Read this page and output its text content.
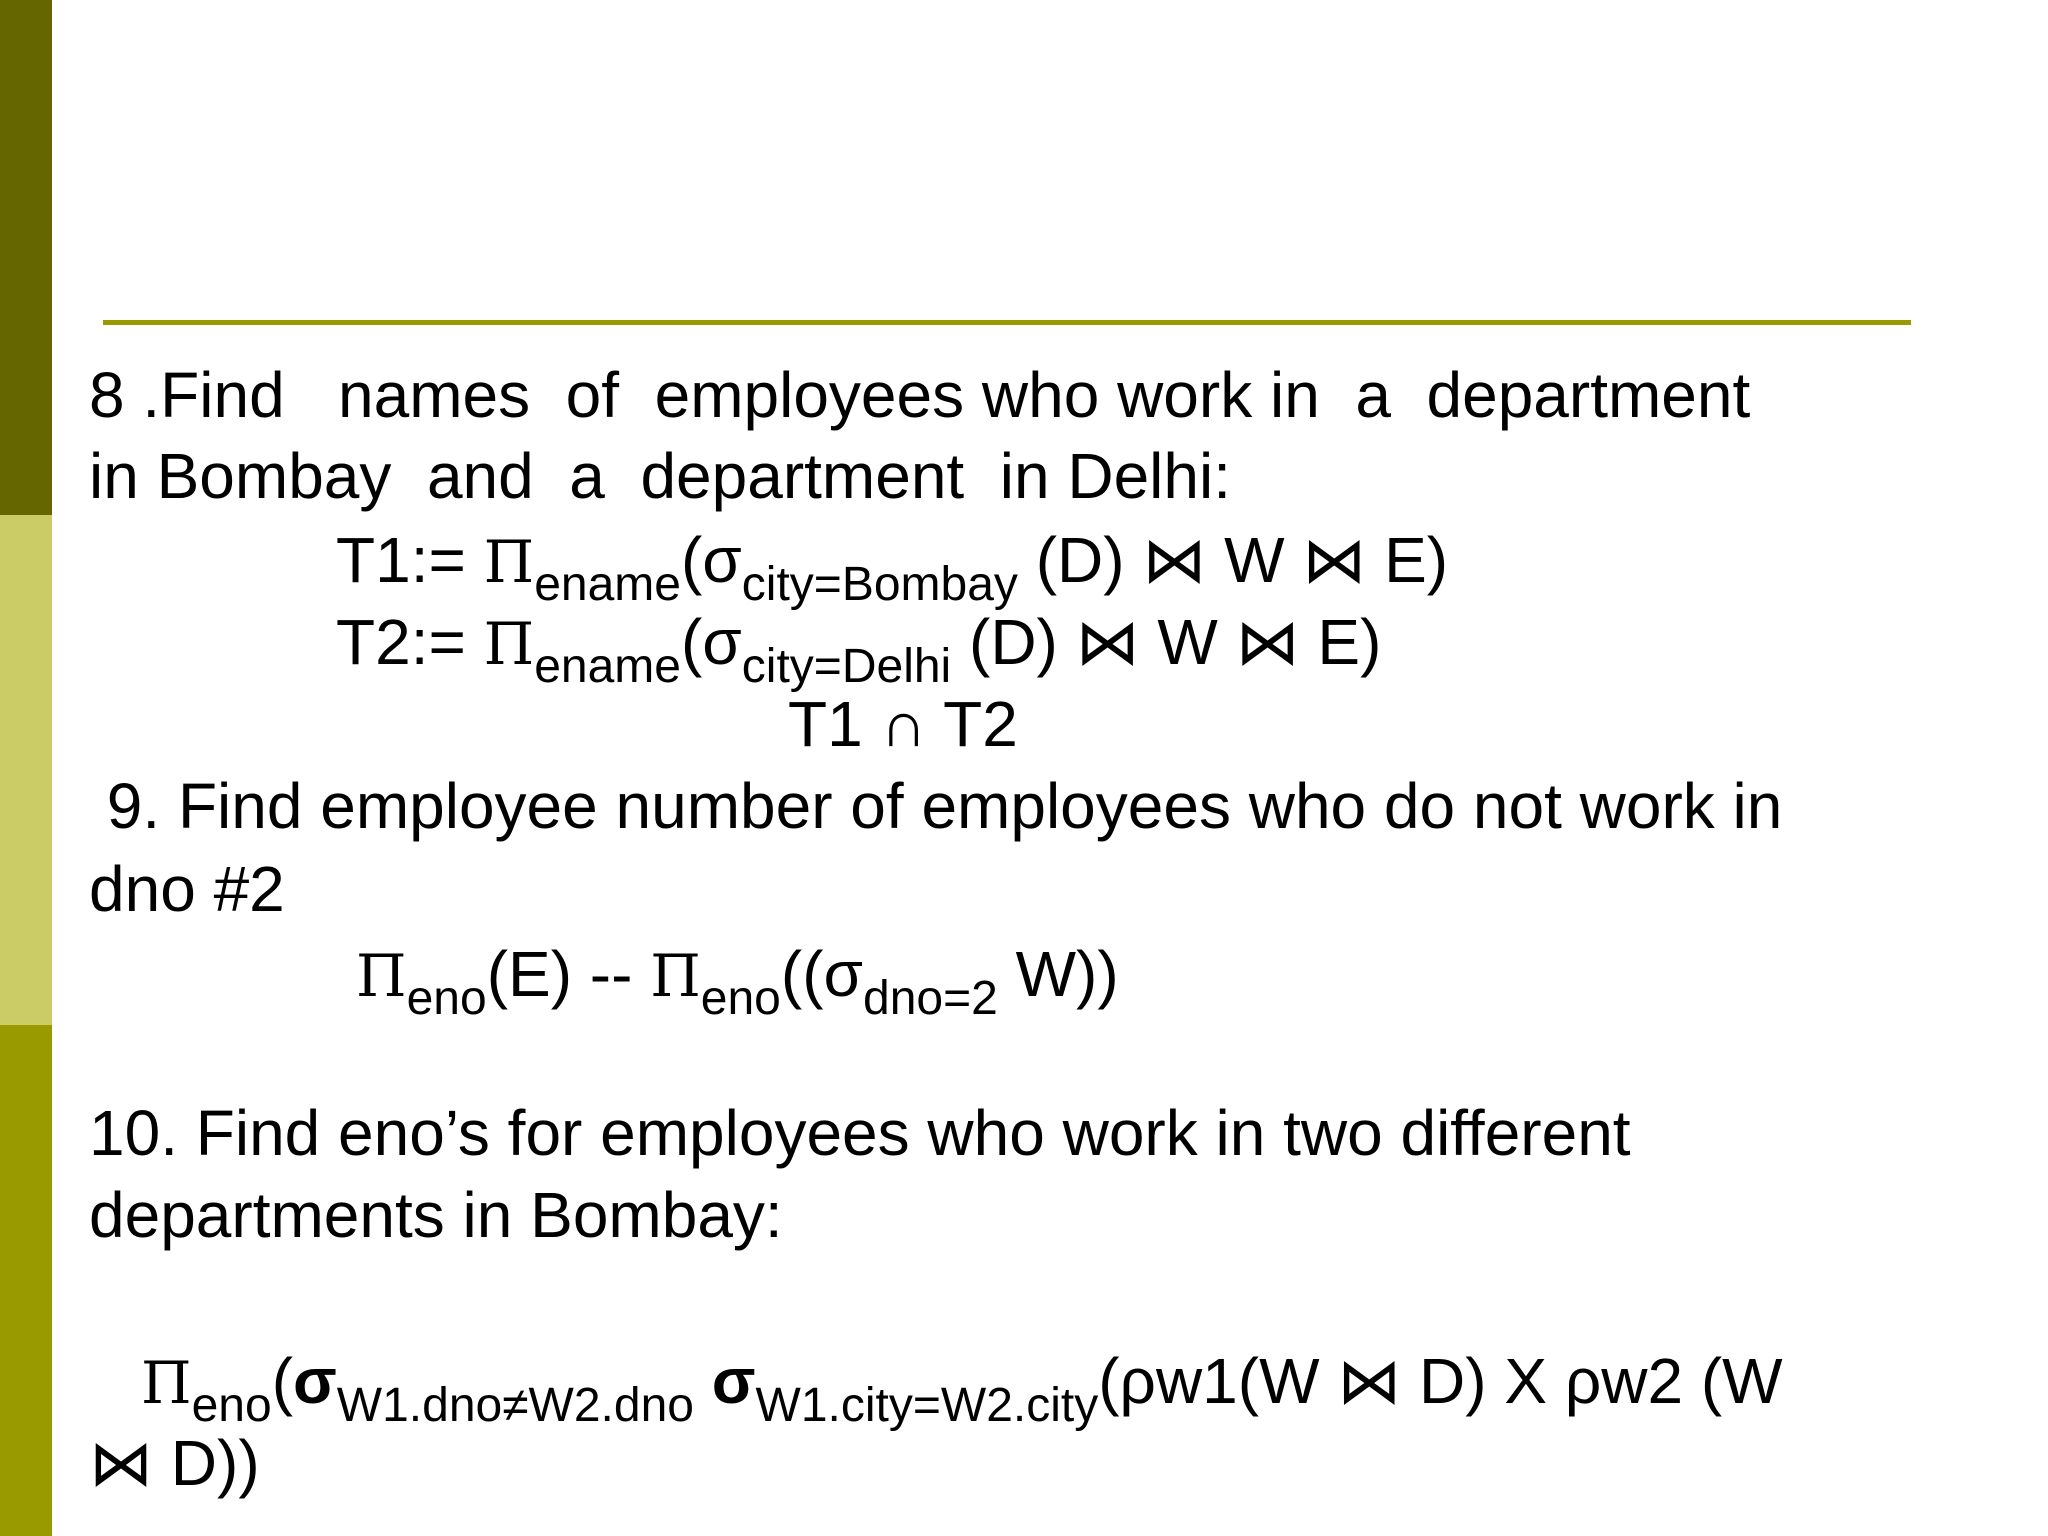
8 .Find   names  of  employees who work in  a  department
in Bombay  and  a  department  in Delhi:
T1:= $\Pi_{ename}(\sigma_{city=Bombay}$ (D) ⋈ W ⋈ E)
T2:= $\Pi_{ename}(\sigma_{city=Delhi}$ (D) ⋈ W ⋈ E)
T1 ∩ T2
9. Find employee number of employees who do not work in
dno #2
$\Pi_{eno}(E) -- \Pi_{eno}((\sigma_{dno=2}$ W))
10. Find eno’s for employees who work in two different
departments in Bombay:
$\Pi_{eno}(\sigma_{W1.dno\ne W2.dno}$ $\sigma_{W1.city=W2.city}(\rho w1(W$ ⋈ D) X ρw2 (W
⋈ D))
